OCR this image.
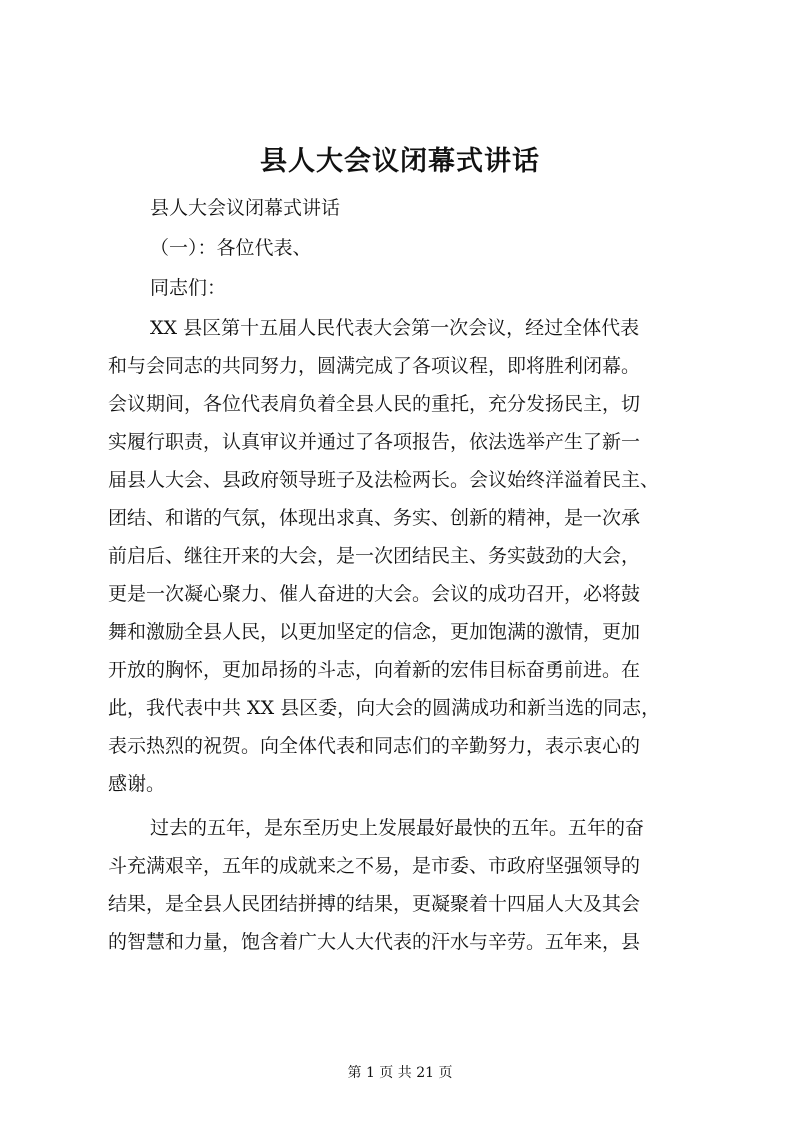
县人大会议闭幕式讲话

县人大会议闭幕式讲话

（一）：各位代表、

同志们：

XX 县区第十五届人民代表大会第一次会议，经过全体代表

和与会同志的共同努力，圆满完成了各项议程，即将胜利闭幕。

会议期间，各位代表肩负着全县人民的重托，充分发扬民主，切

实履行职责，认真审议并通过了各项报告，依法选举产生了新一

届县人大会、县政府领导班子及法检两长。会议始终洋溢着民主、

团结、和谐的气氛，体现出求真、务实、创新的精神，是一次承

前启后、继往开来的大会，是一次团结民主、务实鼓劲的大会，

更是一次凝心聚力、催人奋进的大会。会议的成功召开，必将鼓

舞和激励全县人民，以更加坚定的信念，更加饱满的激情，更加

开放的胸怀，更加昂扬的斗志，向着新的宏伟目标奋勇前进。在

此，我代表中共 XX 县区委，向大会的圆满成功和新当选的同志，

表示热烈的祝贺。向全体代表和同志们的辛勤努力，表示衷心的

感谢。

过去的五年，是东至历史上发展最好最快的五年。五年的奋

斗充满艰辛，五年的成就来之不易，是市委、市政府坚强领导的

结果，是全县人民团结拼搏的结果，更凝聚着十四届人大及其会

的智慧和力量，饱含着广大人大代表的汗水与辛劳。五年来，县

第 1 页 共 21 页
